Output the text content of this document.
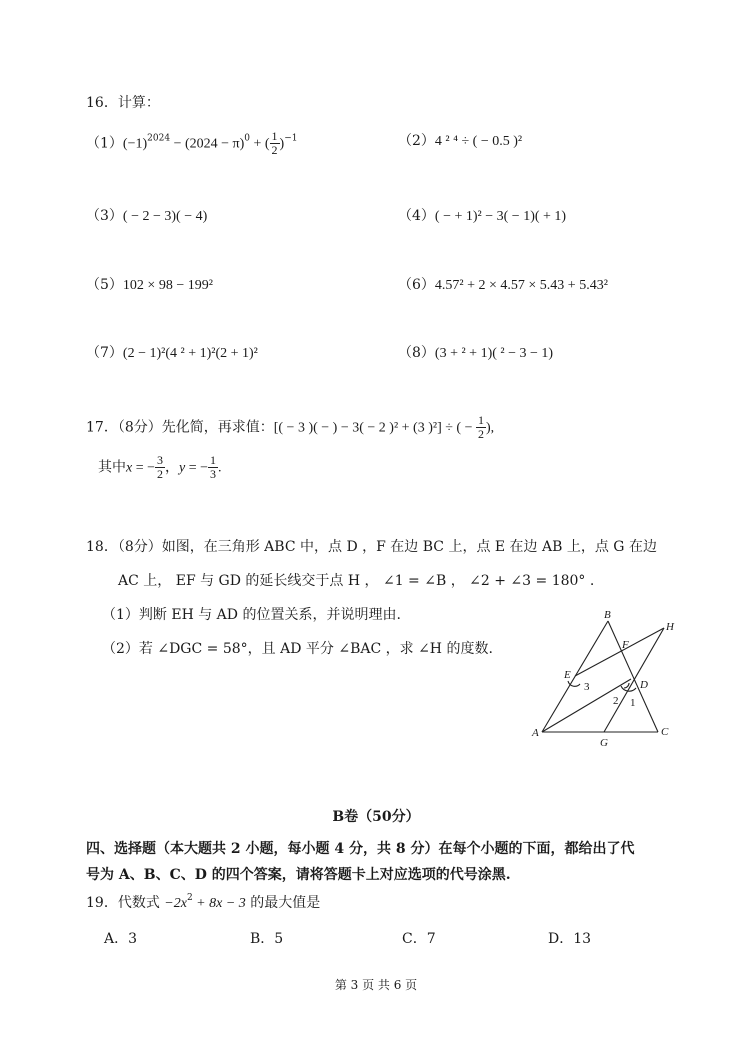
16．计算：
$(1)(-1)^{2024} - (2024 - \pi)^0$ + ( $\frac{1}{2} )^{-1}$	（2）4 ² ⁴ ÷ ( − 0.5 )²
（3）( − 2 − 3)( − 4)	（4）( − + 1)² − 3( − 1)( + 1)
（5）102 × 98 − 199²	（6）4.57² + 2 × 4.57 × 5.43 + 5.43²
（7）(2 − 1)²(4 ² + 1)²(2 + 1)²	（8）(3 + ² + 1)( ² − 3 − 1)
17．（8分）先化简，再求值：[( − 3 )( − ) − 3( − 2 )² + (3 )²] ÷ ( − $\frac{1}{2}$ ),
其中x = − $\frac{3}{2}$ ，y = − $\frac{1}{3}$ .
18．（8分）如图，在三角形 ABC 中，点 D ，F 在边 BC 上，点 E 在边 AB 上，点 G 在边
AC 上， EF 与 GD 的延长线交于点 H ， ∠1 = ∠B ， ∠2 + ∠3 = 180° .
（1）判断 EH 与 AD 的位置关系，并说明理由.
（2）若 ∠DGC = 58°，且 AD 平分 ∠BAC ，求 ∠H 的度数.
B
H
F
E
3	D
2 1
A
G
C
B卷（50分）
四、选择题（本大题共 2 小题，每小题 4 分，共 8 分）在每个小题的下面，都给出了代
号为 A、B、C、D 的四个答案，请将答题卡上对应选项的代号涂黑.
19．代数式 $-2x^2 + 8x - 3$ 的最大值是
A．3	B．5	C．7	D．13
第 3 页 共 6 页
